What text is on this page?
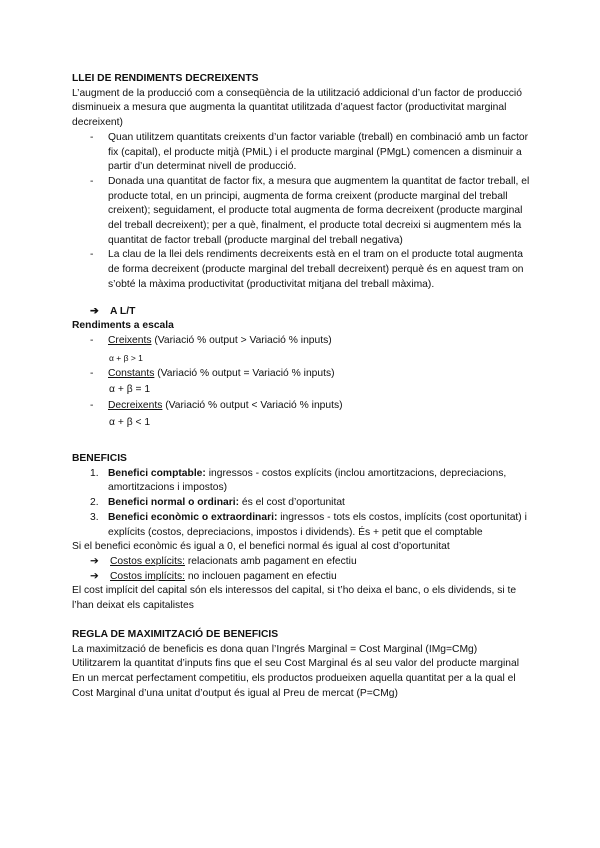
LLEI DE RENDIMENTS DECREIXENTS

L’augment de la producció com a conseqüència de la utilització addicional d’un factor de producció disminueix a mesura que augmenta la quantitat utilitzada d’aquest factor (productivitat marginal decreixent)

-	Quan utilitzem quantitats creixents d’un factor variable (treball) en combinació amb un factor fix (capital), el producte mitjà (PMiL) i el producte marginal (PMgL) comencen a disminuir a partir d’un determinat nivell de producció.
-	Donada una quantitat de factor fix, a mesura que augmentem la quantitat de factor treball, el producte total, en un principi, augmenta de forma creixent (producte marginal del treball creixent); seguidament, el producte total augmenta de forma decreixent (producte marginal del treball decreixent); per a què, finalment, el producte total decreixi si augmentem més la quantitat de factor treball (producte marginal del treball negativa)
-	La clau de la llei dels rendiments decreixents està en el tram on el producte total augmenta de forma decreixent (producte marginal del treball decreixent) perquè és en aquest tram on s’obté la màxima productivitat (productivitat mitjana del treball màxima).
➔	A L/T

Rendiments a escala

-	Creixents (Variació % output > Variació % inputs)
α + β > 1
-	Constants (Variació % output = Variació % inputs)
α + β = 1
-	Decreixents (Variació % output < Variació % inputs)
α + β < 1

BENEFICIS

1. Benefici comptable: ingressos - costos explícits (inclou amortitzacions, depreciacions, amortitzacions i impostos)
2. Benefici normal o ordinari: és el cost d’oportunitat
3. Benefici econòmic o extraordinari: ingressos - tots els costos, implícits (cost oportunitat) i explícits (costos, depreciacions, impostos i dividends). És + petit que el comptable

Si el benefici econòmic és igual a 0, el benefici normal és igual al cost d’oportunitat

➔	Costos explícits: relacionats amb pagament en efectiu
➔	Costos implícits: no inclouen pagament en efectiu

El cost implícit del capital són els interessos del capital, si t’ho deixa el banc, o els dividends, si te l’han deixat els capitalistes

REGLA DE MAXIMITZACIÓ DE BENEFICIS

La maximització de beneficis es dona quan l’Ingrés Marginal = Cost Marginal (IMg=CMg)

Utilitzarem la quantitat d’inputs fins que el seu Cost Marginal és al seu valor del producte marginal

En un mercat perfectament competitiu, els productos produeixen aquella quantitat per a la qual el Cost Marginal d’una unitat d’output és igual al Preu de mercat (P=CMg)
